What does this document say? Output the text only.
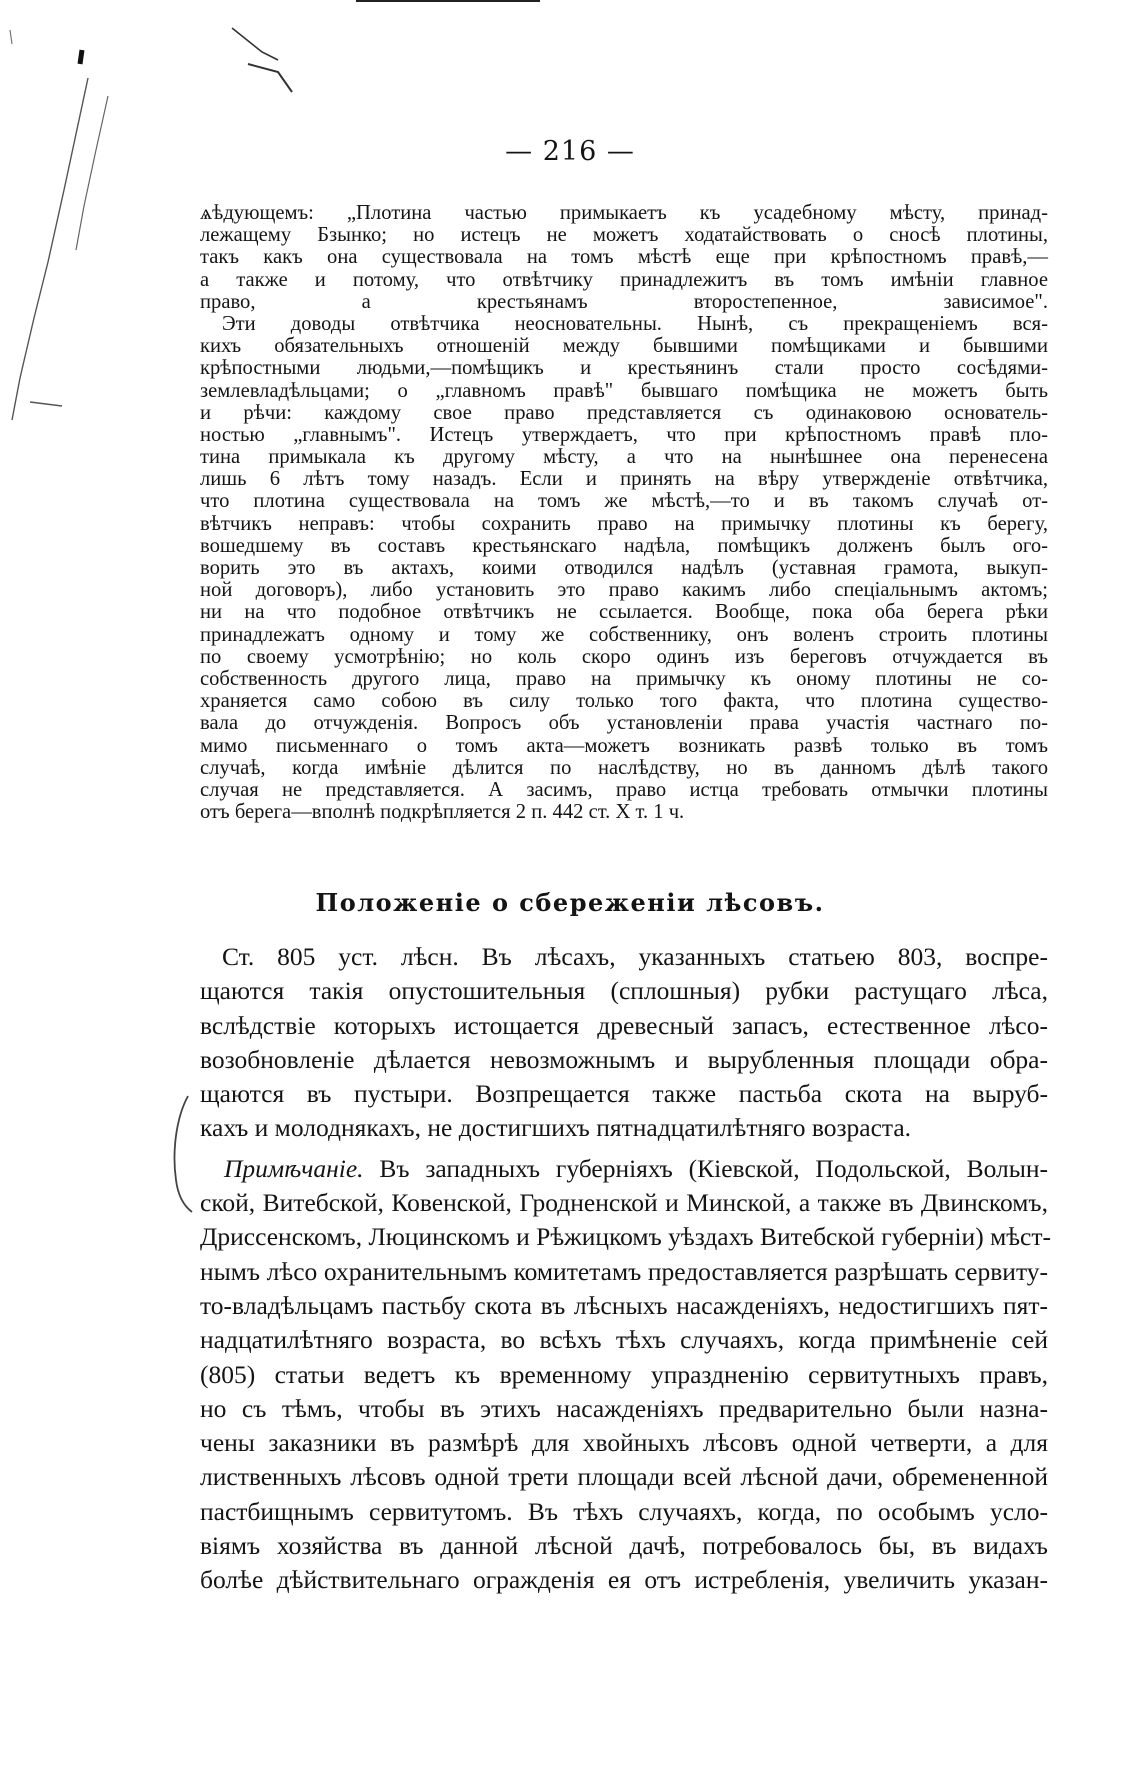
— 216 —
ѧѣдующемъ: „Плотина частью примыкаетъ къ усадебному мѣсту, принад-
лежащему Бзынко; но истецъ не можетъ ходатайствовать о сносѣ плотины,
такъ какъ она существовала на томъ мѣстѣ еще при крѣпостномъ правѣ,—
а также и потому, что отвѣтчику принадлежитъ въ томъ имѣніи главное
право, а крестьянамъ второстепенное, зависимое".
Эти доводы отвѣтчика неосновательны. Нынѣ, съ прекращеніемъ вся-
кихъ обязательныхъ отношеній между бывшими помѣщиками и бывшими
крѣпостными людьми,—помѣщикъ и крестьянинъ стали просто сосѣдями-
землевладѣльцами; о „главномъ правѣ" бывшаго помѣщика не можетъ быть
и рѣчи: каждому свое право представляется съ одинаковою основатель-
ностью „главнымъ". Истецъ утверждаетъ, что при крѣпостномъ правѣ пло-
тина примыкала къ другому мѣсту, а что на нынѣшнее она перенесена
лишь 6 лѣтъ тому назадъ. Если и принять на вѣру утвержденіе отвѣтчика,
что плотина существовала на томъ же мѣстѣ,—то и въ такомъ случаѣ от-
вѣтчикъ неправъ: чтобы сохранить право на примычку плотины къ берегу,
вошедшему въ составъ крестьянскаго надѣла, помѣщикъ долженъ былъ ого-
ворить это въ актахъ, коими отводился надѣлъ (уставная грамота, выкуп-
ной договоръ), либо установить это право какимъ либо спеціальнымъ актомъ;
ни на что подобное отвѣтчикъ не ссылается. Вообще, пока оба берега рѣки
принадлежатъ одному и тому же собственнику, онъ воленъ строить плотины
по своему усмотрѣнію; но коль скоро одинъ изъ береговъ отчуждается въ
собственность другого лица, право на примычку къ оному плотины не со-
храняется само собою въ силу только того факта, что плотина существо-
вала до отчужденія. Вопросъ объ установленіи права участія частнаго по-
мимо письменнаго о томъ акта—можетъ возникать развѣ только въ томъ
случаѣ, когда имѣніе дѣлится по наслѣдству, но въ данномъ дѣлѣ такого
случая не представляется. А засимъ, право истца требовать отмычки плотины
отъ берега—вполнѣ подкрѣпляется 2 п. 442 ст. X т. 1 ч.
Положеніе о сбереженіи лѣсовъ.
Ст. 805 уст. лѣсн. Въ лѣсахъ, указанныхъ статьею 803, воспре-
щаются такія опустошительныя (сплошныя) рубки растущаго лѣса,
вслѣдствіе которыхъ истощается древесный запасъ, естественное лѣсо-
возобновленіе дѣлается невозможнымъ и вырубленныя площади обра-
щаются въ пустыри. Возпрещается также пастьба скота на выруб-
кахъ и молоднякахъ, не достигшихъ пятнадцатилѣтняго возраста.
Примѣчаніе. Въ западныхъ губерніяхъ (Кіевской, Подольской, Волын-
ской, Витебской, Ковенской, Гродненской и Минской, а также въ Двинскомъ,
Дриссенскомъ, Люцинскомъ и Рѣжицкомъ уѣздахъ Витебской губерніи) мѣст-
нымъ лѣсо охранительнымъ комитетамъ предоставляется разрѣшать сервиту-
то-владѣльцамъ пастьбу скота въ лѣсныхъ насажденіяхъ, недостигшихъ пят-
надцатилѣтняго возраста, во всѣхъ тѣхъ случаяхъ, когда примѣненіе сей
(805) статьи ведетъ къ временному упраздненію сервитутныхъ правъ,
но съ тѣмъ, чтобы въ этихъ насажденіяхъ предварительно были назна-
чены заказники въ размѣрѣ для хвойныхъ лѣсовъ одной четверти, а для
лиственныхъ лѣсовъ одной трети площади всей лѣсной дачи, обремененной
пастбищнымъ сервитутомъ. Въ тѣхъ случаяхъ, когда, по особымъ усло-
віямъ хозяйства въ данной лѣсной дачѣ, потребовалось бы, въ видахъ
болѣе дѣйствительнаго огражденія ея отъ истребленія, увеличить указан-
